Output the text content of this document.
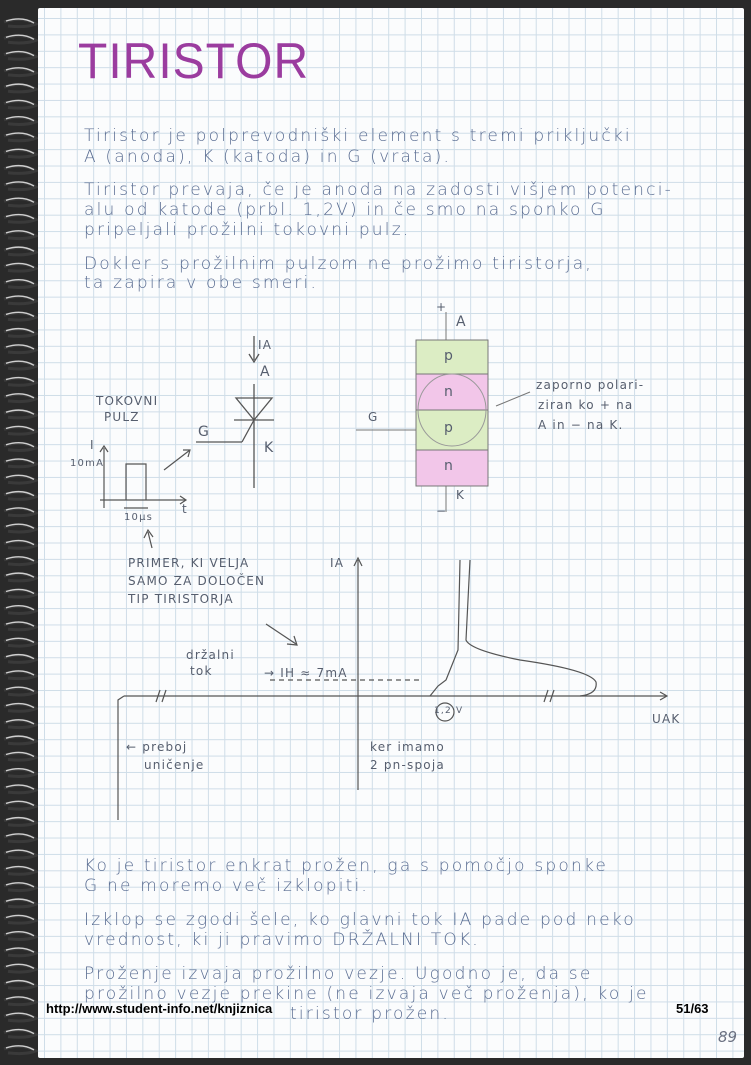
TIRISTOR
Tiristor je polprevodniški element s tremi priključki
A (anoda), K (katoda) in G (vrata).
Tiristor prevaja, če je anoda na zadosti višjem potenci-
alu od katode (prbl. 1,2V) in če smo na sponko G
pripeljali prožilni tokovni pulz.
Dokler s prožilnim pulzom ne prožimo tiristorja,
ta zapira v obe smeri.
IA
A
G
K
TOKOVNI
PULZ
I
10mA
t
10μs
+
A
p
n
p
n
G
K
−
zaporno polari-
ziran ko + na
A in − na K.
PRIMER, KI VELJA
SAMO ZA DOLOČEN
TIP TIRISTORJA
IA
držalni
tok	→ IH ≈ 7mA
1,2 V
UAK
← preboj
uničenje
ker imamo
2 pn-spoja
Ko je tiristor enkrat prožen, ga s pomočjo sponke
G ne moremo več izklopiti.
Izklop se zgodi šele, ko glavni tok IA pade pod neko
vrednost, ki ji pravimo DRŽALNI TOK.
Proženje izvaja prožilno vezje. Ugodno je, da se
prožilno vezje prekine (ne izvaja več proženja), ko je
tiristor prožen.
http://www.student-info.net/knjiznica	51/63
89
